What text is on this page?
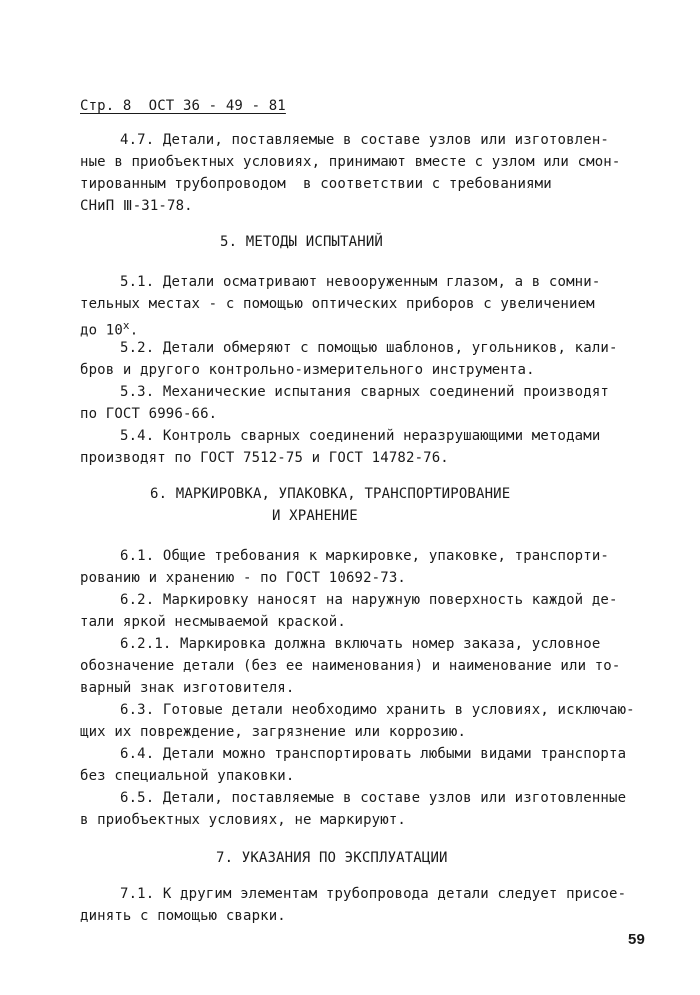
Стр. 8  ОСТ 36 - 49 - 81
4.7. Детали, поставляемые в составе узлов или изготовлен-
ные в приобъектных условиях, принимают вместе с узлом или смон-
тированным трубопроводом  в соответствии с требованиями
СНиП Ⅲ-31-78.
5. МЕТОДЫ ИСПЫТАНИЙ
5.1. Детали осматривают невооруженным глазом, а в сомни-
тельных местах - с помощью оптических приборов с увеличением
до $10^х$.
5.2. Детали обмеряют с помощью шаблонов, угольников, кали-
бров и другого контрольно-измерительного инструмента.
5.3. Механические испытания сварных соединений производят
по ГОСТ 6996-66.
5.4. Контроль сварных соединений неразрушающими методами
производят по ГОСТ 7512-75 и ГОСТ 14782-76.
6. МАРКИРОВКА, УПАКОВКА, ТРАНСПОРТИРОВАНИЕ
И ХРАНЕНИЕ
6.1. Общие требования к маркировке, упаковке, транспорти-
рованию и хранению - по ГОСТ 10692-73.
6.2. Маркировку наносят на наружную поверхность каждой де-
тали яркой несмываемой краской.
6.2.1. Маркировка должна включать номер заказа, условное
обозначение детали (без ее наименования) и наименование или то-
варный знак изготовителя.
6.3. Готовые детали необходимо хранить в условиях, исключаю-
щих их повреждение, загрязнение или коррозию.
6.4. Детали можно транспортировать любыми видами транспорта
без специальной упаковки.
6.5. Детали, поставляемые в составе узлов или изготовленные
в приобъектных условиях, не маркируют.
7. УКАЗАНИЯ ПО ЭКСПЛУАТАЦИИ
7.1. К другим элементам трубопровода детали следует присое-
динять с помощью сварки.
59
